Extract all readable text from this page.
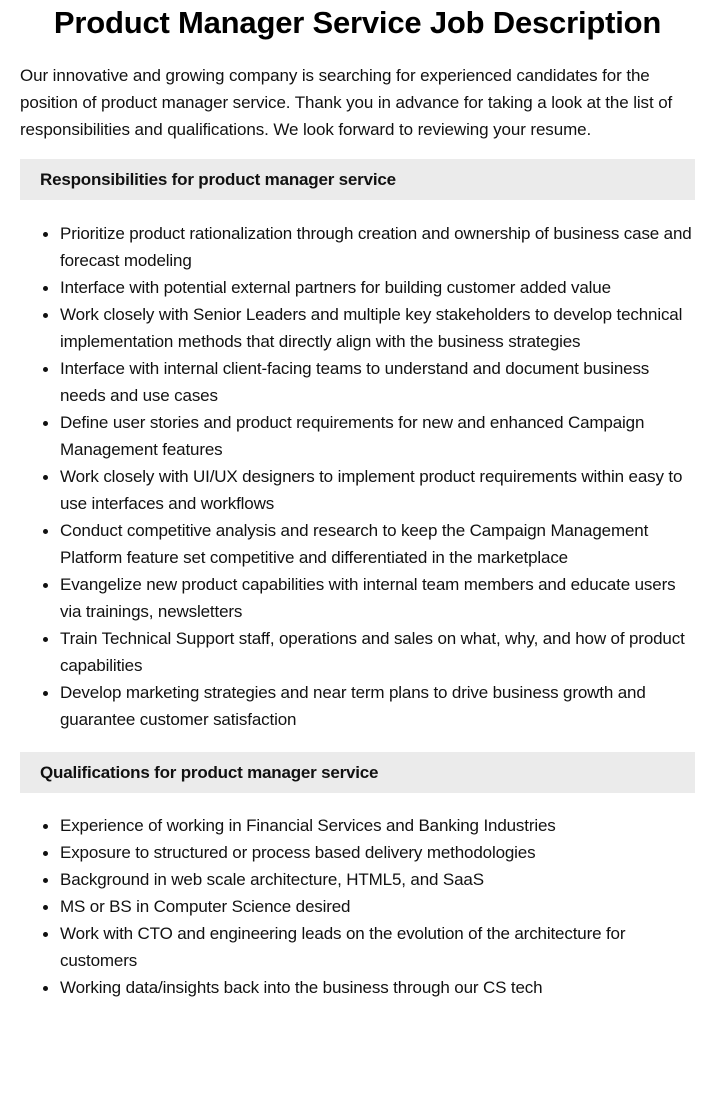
Product Manager Service Job Description

Our innovative and growing company is searching for experienced candidates for the position of product manager service. Thank you in advance for taking a look at the list of responsibilities and qualifications. We look forward to reviewing your resume.

Responsibilities for product manager service
Prioritize product rationalization through creation and ownership of business case and forecast modeling
Interface with potential external partners for building customer added value
Work closely with Senior Leaders and multiple key stakeholders to develop technical implementation methods that directly align with the business strategies
Interface with internal client-facing teams to understand and document business needs and use cases
Define user stories and product requirements for new and enhanced Campaign Management features
Work closely with UI/UX designers to implement product requirements within easy to use interfaces and workflows
Conduct competitive analysis and research to keep the Campaign Management Platform feature set competitive and differentiated in the marketplace
Evangelize new product capabilities with internal team members and educate users via trainings, newsletters
Train Technical Support staff, operations and sales on what, why, and how of product capabilities
Develop marketing strategies and near term plans to drive business growth and guarantee customer satisfaction
Qualifications for product manager service
Experience of working in Financial Services and Banking Industries
Exposure to structured or process based delivery methodologies
Background in web scale architecture, HTML5, and SaaS
MS or BS in Computer Science desired
Work with CTO and engineering leads on the evolution of the architecture for customers
Working data/insights back into the business through our CS tech
